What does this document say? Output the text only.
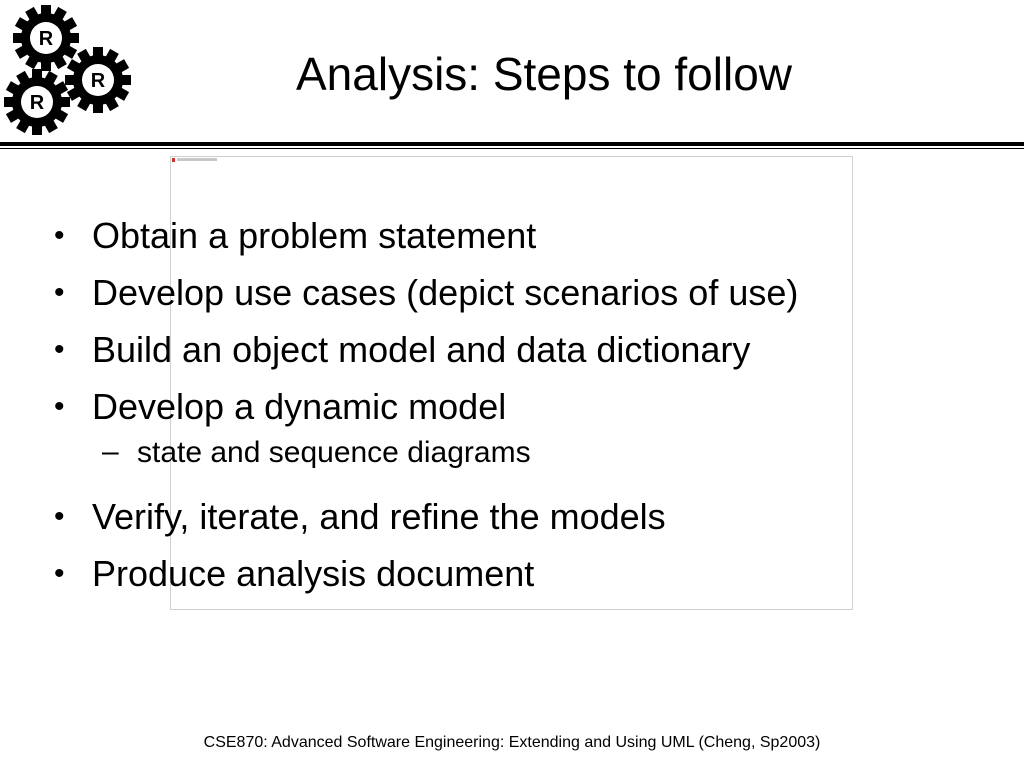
R
R
R
Analysis: Steps to follow
• Obtain a problem statement
• Develop use cases (depict scenarios of use)
• Build an object model and data dictionary
• Develop a dynamic model
– state and sequence diagrams
• Verify, iterate, and refine the models
• Produce analysis document
CSE870: Advanced Software Engineering: Extending and Using UML (Cheng, Sp2003)
